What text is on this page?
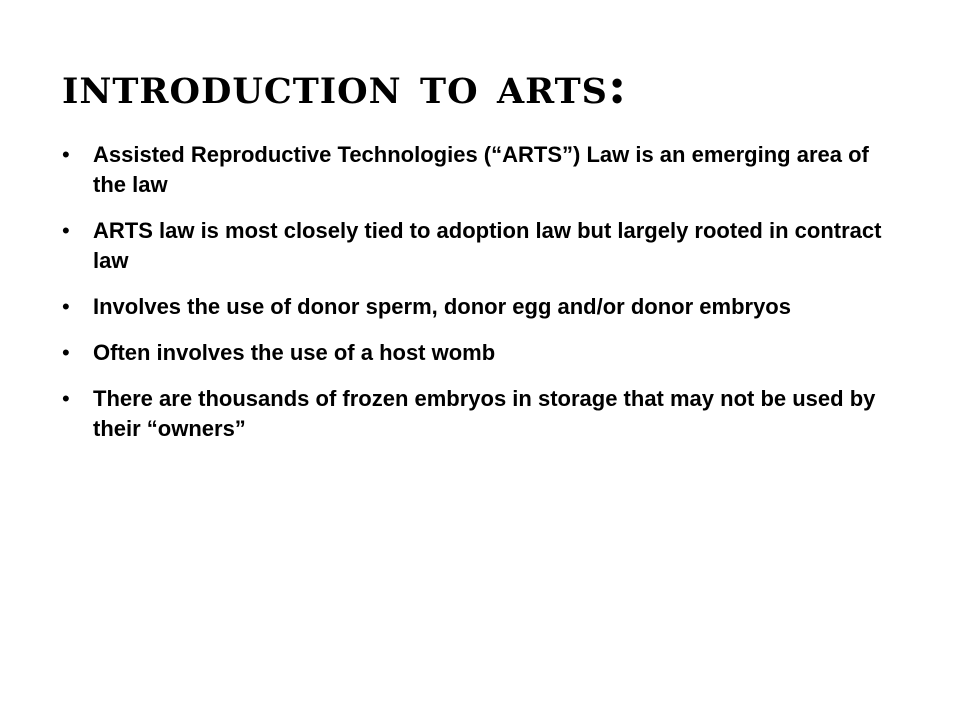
introduction to arts:
•	Assisted Reproductive Technologies (“ARTS”) Law is an emerging area of the law
•	ARTS law is most closely tied to adoption law but largely rooted in contract law
•	Involves the use of donor sperm, donor egg and/or donor embryos
•	Often involves the use of a host womb
•	There are thousands of frozen embryos in storage that may not be used by their “owners”
